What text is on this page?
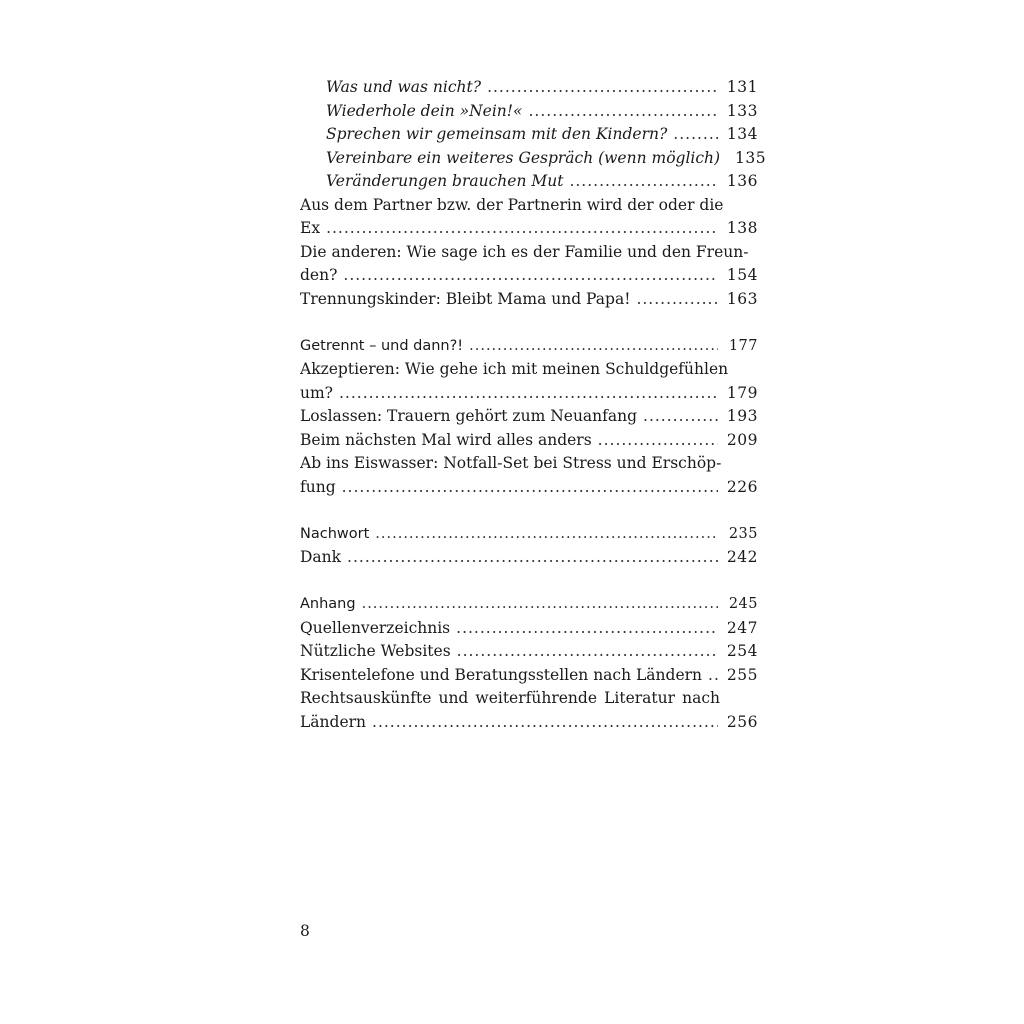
Was und was nicht? .....	131
Wiederhole dein »Nein!« .....	133
Sprechen wir gemeinsam mit den Kindern? .....	134
Vereinbare ein weiteres Gespräch (wenn möglich) 135
Veränderungen brauchen Mut .....	136
Aus dem Partner bzw. der Partnerin wird der oder die
Ex .....	138
Die anderen: Wie sage ich es der Familie und den Freun-
den? .....	154
Trennungskinder: Bleibt Mama und Papa! .....	163
Getrennt – und dann?! .....	177
Akzeptieren: Wie gehe ich mit meinen Schuldgefühlen
um? .....	179
Loslassen: Trauern gehört zum Neuanfang .....	193
Beim nächsten Mal wird alles anders .....	209
Ab ins Eiswasser: Notfall-Set bei Stress und Erschöp-
fung .....	226
Nachwort .....	235
Dank .....	242
Anhang .....	245
Quellenverzeichnis .....	247
Nützliche Websites .....	254
Krisentelefone und Beratungsstellen nach Ländern ..... 255
Rechtsauskünfte und weiterführende Literatur nach
Ländern .....	256
8
